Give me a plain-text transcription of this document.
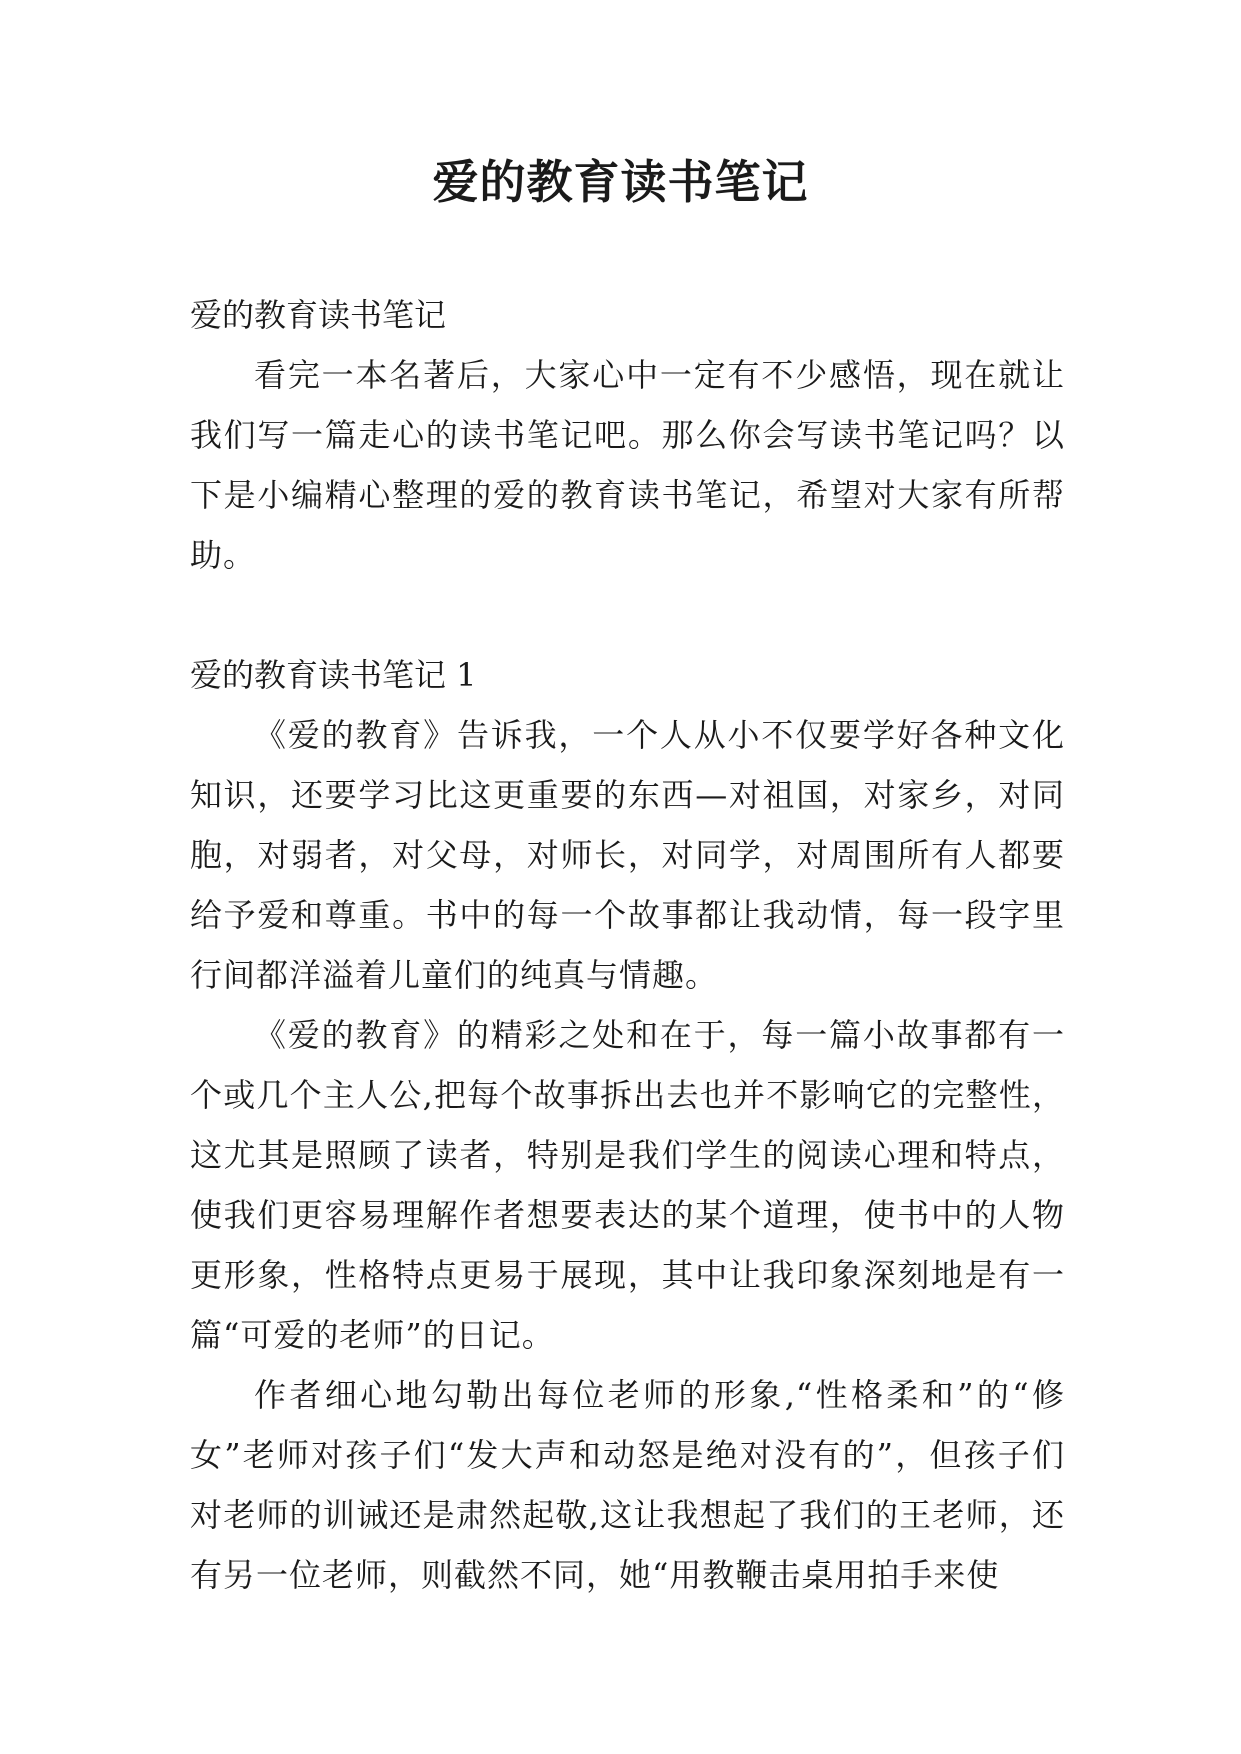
爱的教育读书笔记

爱的教育读书笔记

看完一本名著后，大家心中一定有不少感悟，现在就让我们写一篇走心的读书笔记吧。那么你会写读书笔记吗？以下是小编精心整理的爱的教育读书笔记，希望对大家有所帮助。

爱的教育读书笔记 1

《爱的教育》告诉我，一个人从小不仅要学好各种文化知识，还要学习比这更重要的东西—对祖国，对家乡，对同胞，对弱者，对父母，对师长，对同学，对周围所有人都要给予爱和尊重。书中的每一个故事都让我动情，每一段字里行间都洋溢着儿童们的纯真与情趣。

《爱的教育》的精彩之处和在于，每一篇小故事都有一个或几个主人公,把每个故事拆出去也并不影响它的完整性，这尤其是照顾了读者，特别是我们学生的阅读心理和特点，使我们更容易理解作者想要表达的某个道理，使书中的人物更形象，性格特点更易于展现，其中让我印象深刻地是有一篇“可爱的老师”的日记。

作者细心地勾勒出每位老师的形象,“性格柔和”的“修女”老师对孩子们“发大声和动怒是绝对没有的”，但孩子们对老师的训诫还是肃然起敬,这让我想起了我们的王老师，还有另一位老师，则截然不同，她“用教鞭击桌用拍手来使
